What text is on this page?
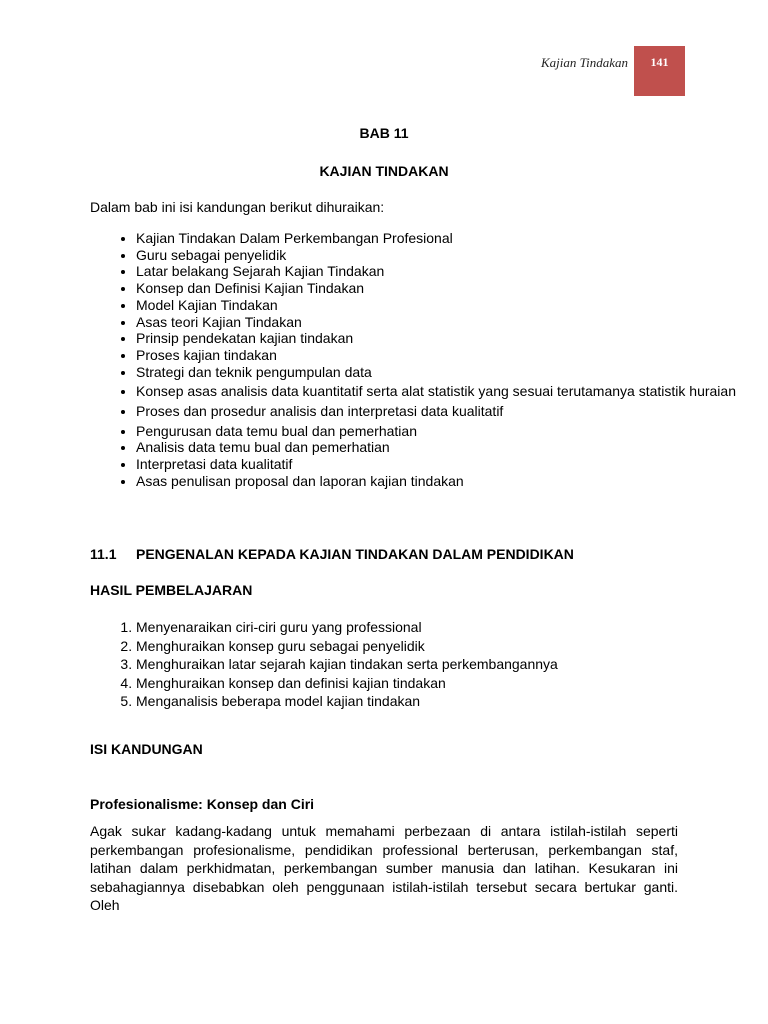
Kajian Tindakan	141
BAB 11
KAJIAN TINDAKAN
Dalam bab ini isi kandungan berikut dihuraikan:
• Kajian Tindakan Dalam Perkembangan Profesional
• Guru sebagai penyelidik
• Latar belakang Sejarah Kajian Tindakan
• Konsep dan Definisi Kajian Tindakan
• Model Kajian Tindakan
• Asas teori Kajian Tindakan
• Prinsip pendekatan kajian tindakan
• Proses kajian tindakan
• Strategi dan teknik pengumpulan data
• Konsep asas analisis data kuantitatif serta alat statistik yang sesuai terutamanya statistik huraian
• Proses dan prosedur analisis dan interpretasi data kualitatif
• Pengurusan data temu bual dan pemerhatian
• Analisis data temu bual dan pemerhatian
• Interpretasi data kualitatif
• Asas penulisan proposal dan laporan kajian tindakan
11.1 PENGENALAN KEPADA KAJIAN TINDAKAN DALAM PENDIDIKAN
HASIL PEMBELAJARAN
1. Menyenaraikan ciri-ciri guru yang professional
2. Menghuraikan konsep guru sebagai penyelidik
3. Menghuraikan latar sejarah kajian tindakan serta perkembangannya
4. Menghuraikan konsep dan definisi kajian tindakan
5. Menganalisis beberapa model kajian tindakan
ISI KANDUNGAN
Profesionalisme: Konsep dan Ciri

Agak sukar kadang-kadang untuk memahami perbezaan di antara istilah-istilah seperti perkembangan profesionalisme, pendidikan professional berterusan, perkembangan staf, latihan dalam perkhidmatan, perkembangan sumber manusia dan latihan. Kesukaran ini sebahagiannya disebabkan oleh penggunaan istilah-istilah tersebut secara bertukar ganti. Oleh
